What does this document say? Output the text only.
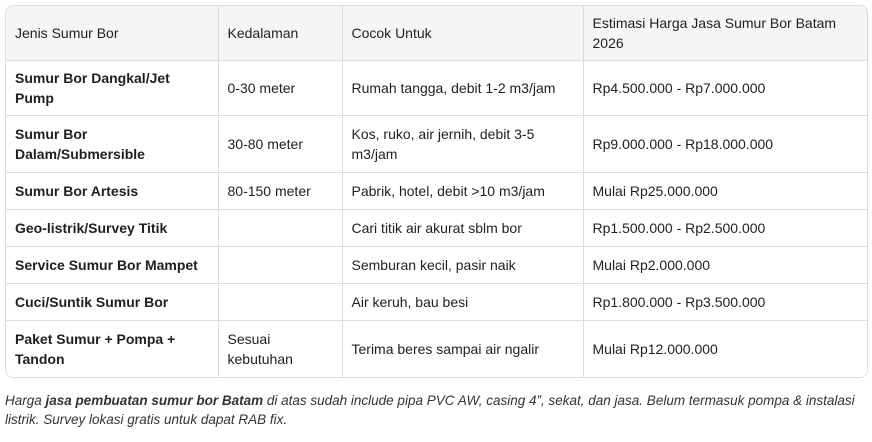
Jenis Sumur Bor	Kedalaman	Cocok Untuk	Estimasi Harga Jasa Sumur Bor Batam 2026
Sumur Bor Dangkal/Jet Pump	0-30 meter	Rumah tangga, debit 1-2 m3/jam	Rp4.500.000 - Rp7.000.000
Sumur Bor Dalam/Submersible	30-80 meter	Kos, ruko, air jernih, debit 3-5 m3/jam	Rp9.000.000 - Rp18.000.000
Sumur Bor Artesis	80-150 meter	Pabrik, hotel, debit >10 m3/jam	Mulai Rp25.000.000
Geo-listrik/Survey Titik		Cari titik air akurat sblm bor	Rp1.500.000 - Rp2.500.000
Service Sumur Bor Mampet		Semburan kecil, pasir naik	Mulai Rp2.000.000
Cuci/Suntik Sumur Bor		Air keruh, bau besi	Rp1.800.000 - Rp3.500.000
Paket Sumur + Pompa + Tandon	Sesuai kebutuhan	Terima beres sampai air ngalir	Mulai Rp12.000.000

Harga jasa pembuatan sumur bor Batam di atas sudah include pipa PVC AW, casing 4”, sekat, dan jasa. Belum termasuk pompa & instalasi listrik. Survey lokasi gratis untuk dapat RAB fix.
